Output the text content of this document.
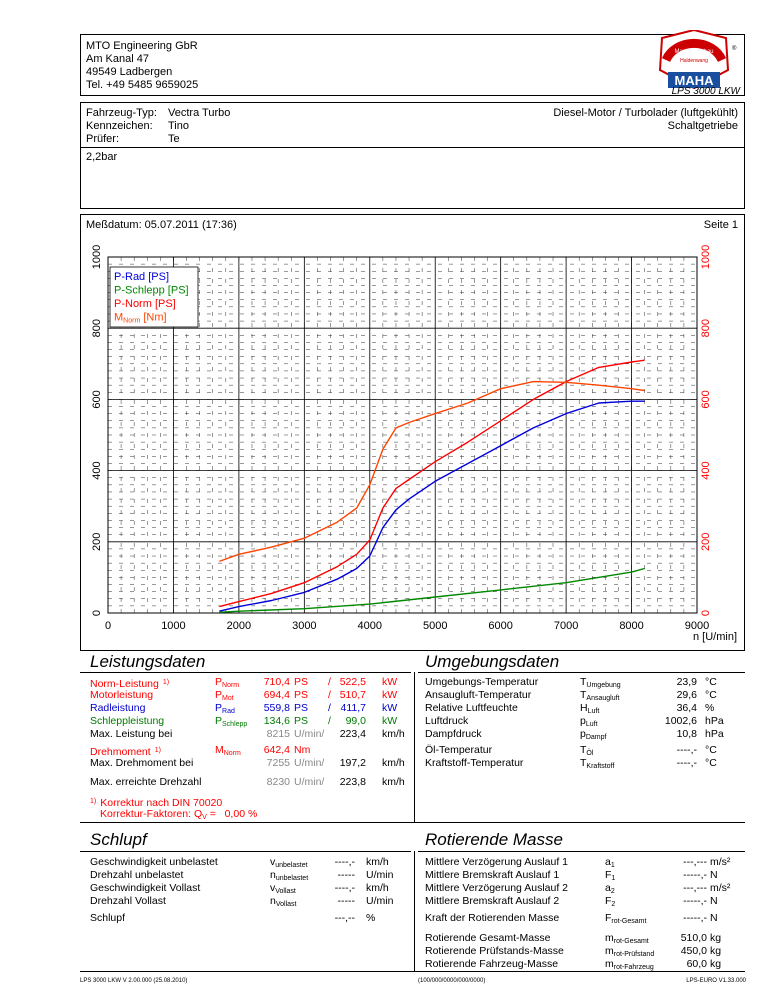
MTO Engineering GbR
Am Kanal 47
49549 Ladbergen
Tel. +49 5485 9659025	MAHA
Maschinenbau
Haldenwang
®
LPS 3000 LKW
Fahrzeug-Typ: Vectra Turbo
Kennzeichen: Tino
Prüfer:	Te
Diesel-Motor / Turbolader (luftgekühlt)
Schaltgetriebe
2,2bar
Meßdatum: 05.07.2011 (17:36)	Seite 1
0	1000	2000	3000	4000	5000	6000	7000	8000	9000
n [U/min]
0
200
400
600
800
1000
0
200
400
600
800
1000
P-Rad [PS]
P-Schlepp [PS]
P-Norm [PS]
MNorm [Nm]
Leistungsdaten	Umgebungsdaten
Norm-Leistung $^{1)}$	$P_{Norm}$ 710,4 PS / 522,5 kW
Motorleistung	$P_{Mot}$	694,4 PS / 510,7 kW
Radleistung	$P_{Rad}$	559,8 PS / 411,7 kW
Schleppleistung	$P_{Schlepp}$ 134,6 PS / 99,0 kW
Max. Leistung bei	8215 U/min/ 223,4 km/h
Drehmoment $^{1)}$	$M_{Norm}$ 642,4 Nm
Max. Drehmoment bei	7255 U/min/ 197,2 km/h
Max. erreichte Drehzahl	8230 U/min/ 223,8 km/h
$^{1)}$ Korrektur nach DIN 70020
Korrektur-Faktoren: $Q_V = 0,00$ %
Umgebungs-Temperatur	$T_{Umgebung}$	23,9 °C
Ansaugluft-Temperatur	$T_{Ansaugluft}$	29,6 °C
Relative Luftfeuchte	$H_{Luft}$	36,4 %
Luftdruck	$p_{Luft}$	1002,6 hPa
Dampfdruck	$p_{Dampf}$	10,8 hPa
Öl-Temperatur	$T_{Öl}$	----,- °C
Kraftstoff-Temperatur	$T_{Kraftstoff}$	----,- °C
Schlupf	Rotierende Masse
Geschwindigkeit unbelastet	$v_{unbelastet}$	----,- km/h
Drehzahl unbelastet	$n_{unbelastet}$	----- U/min
Geschwindigkeit Vollast	$v_{Vollast}$	----,- km/h
Drehzahl Vollast	$n_{Vollast}$	----- U/min
Schlupf	---,-- %
Mittlere Verzögerung Auslauf 1	$a_1$	---,--- m/s²
Mittlere Bremskraft Auslauf 1	$F_1$	-----,- N
Mittlere Verzögerung Auslauf 2	$a_2$	---,--- m/s²
Mittlere Bremskraft Auslauf 2	$F_2$	-----,- N
Kraft der Rotierenden Masse	$F_{rot-Gesamt}$	-----,- N
Rotierende Gesamt-Masse	$m_{rot-Gesamt}$	510,0 kg
Rotierende Prüfstands-Masse	$m_{rot-Prüfstand}$	450,0 kg
Rotierende Fahrzeug-Masse	$m_{rot-Fahrzeug}$	60,0 kg
LPS 3000 LKW V 2.00.000 (25.08.2010)	(100/000/0000/000/0000)	LPS-EURO V1.33.000
